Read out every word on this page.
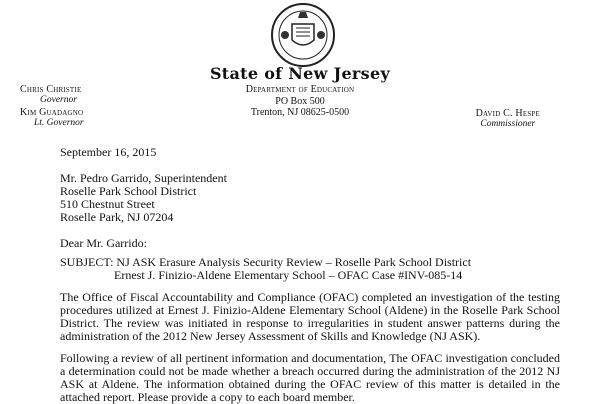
State of New Jersey
Department of Education
PO Box 500
Trenton, NJ 08625-0500
Chris Christie
Governor
Kim Guadagno
Lt. Governor
David C. Hespe
Commissioner
September 16, 2015
Mr. Pedro Garrido, Superintendent
Roselle Park School District
510 Chestnut Street
Roselle Park, NJ 07204
Dear Mr. Garrido:
SUBJECT: NJ ASK Erasure Analysis Security Review – Roselle Park School District
Ernest J. Finizio-Aldene Elementary School – OFAC Case #INV-085-14
The Office of Fiscal Accountability and Compliance (OFAC) completed an investigation of the testing procedures utilized at Ernest J. Finizio-Aldene Elementary School (Aldene) in the Roselle Park School District. The review was initiated in response to irregularities in student answer patterns during the administration of the 2012 New Jersey Assessment of Skills and Knowledge (NJ ASK).
Following a review of all pertinent information and documentation, The OFAC investigation concluded a determination could not be made whether a breach occurred during the administration of the 2012 NJ ASK at Aldene. The information obtained during the OFAC review of this matter is detailed in the attached report. Please provide a copy to each board member.
